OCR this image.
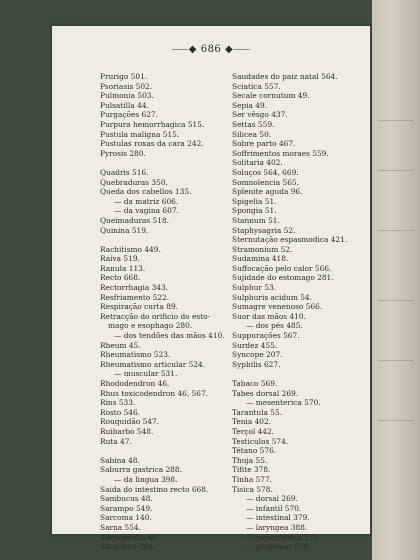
⸺◆ 686 ◆⸺
Prurigo 501.
Psoriasis 502.
Pulmonia 503.
Pulsatilla 44.
Purgações 627.
Purpura hemorrhagica 515.
Pustula maligna 515.
Pustulas roxas da cara 242.
Pyrosis 280.
Quadris 516.
Quebraduras 350.
Queda dos cabellos 135.
— da matriz 606.
— da vagina 607.
Queimaduras 518.
Quinina 519.
Rachitismo 449.
Raiva 519.
Ranula 113.
Recto 668.
Rectorrhagia 343.
Resfriamento 522.
Respiração curta 89.
Retracção do orificio do esto-
mago e esophago 280.
— dos tendões das mãos 410.
Rheum 45.
Rheumatismo 523.
Rheumatismo articular 524.
— muscular 531.
Rhododendron 46.
Rhus toxicodendron 46, 567.
Rins 533.
Rosto 546.
Rouquidão 547.
Ruibarbo 548.
Ruta 47.
Sabina 48.
Saburra gastrica 288.
— da lingua 398.
Saida do intestino recto 668.
Sambucus 48.
Sarampo 549.
Sarcoma 140.
Sarna 554.
Sarsaparilla 48.
Satyriasis 204.
Saudades do paiz natal 564.
Sciatica 557.
Secale cornutum 49.
Sepia 49.
Ser vêsgo 437.
Settas 559.
Silicea 50.
Sobre parto 467.
Soffrimentos moraes 559.
Solitaria 402.
Soluços 564, 669.
Somnolencia 565.
Splenite aguda 96.
Spigelia 51.
Spongia 51.
Stannum 51.
Staphysagria 52.
Sternutação espasmodica 421.
Stramonium 52.
Sudamina 418.
Suffocação pelo calor 566.
Sujidade do estomago 281.
Sulphur 53.
Sulphuris acidum 54.
Sumagre venenoso 566.
Suor das mãos 410.
— dos pés 485.
Suppurações 567.
Surdez 455.
Syncope 207.
Syphilis 627.
Tabaco 569.
Tabes dorsal 269.
— mesenterica 570.
Tarantula 55.
Tenia 402.
Terçol 442.
Testiculos 574.
Tétano 576.
Thuja 55.
Tifite 378.
Tinha 577.
Tisica 578.
— dorsal 269.
— infantil 570.
— intestinal 379.
— laryngea 388.
— mesenterica 570.
— pulmonar 578.
